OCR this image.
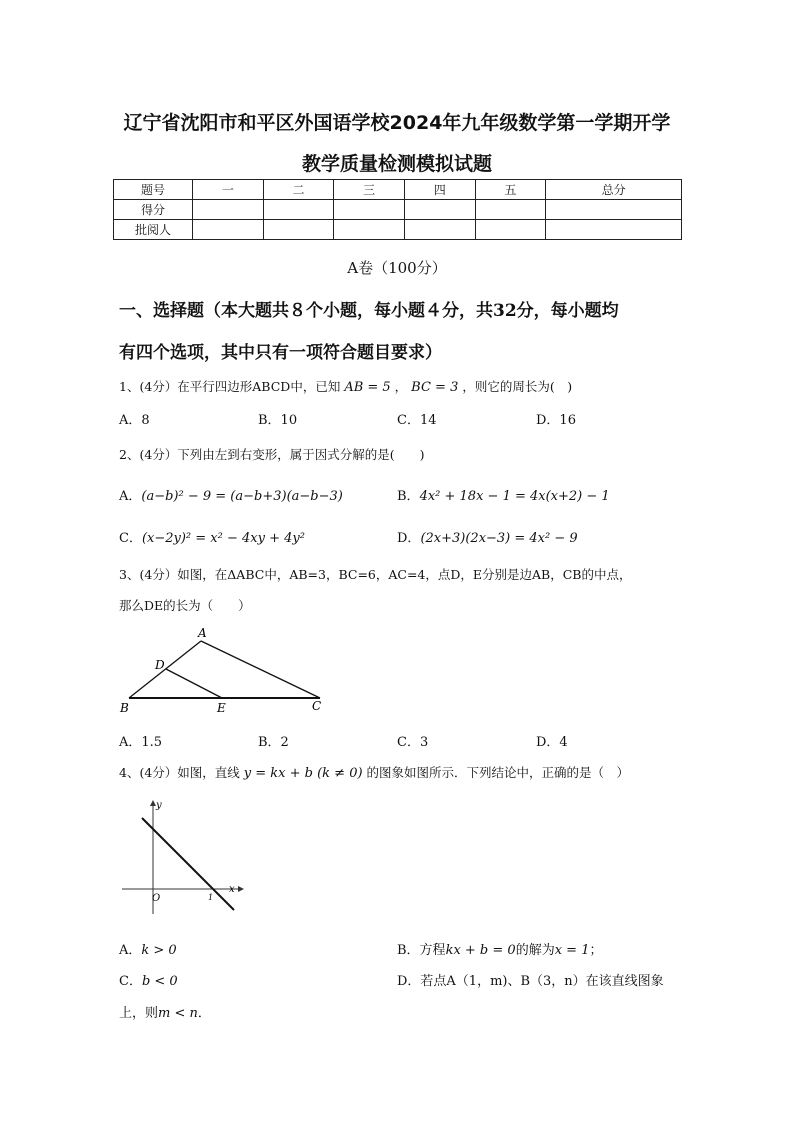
辽宁省沈阳市和平区外国语学校2024年九年级数学第一学期开学
教学质量检测模拟试题
题号	一	二	三	四	五	总分
得分						
批阅人						
A卷（100分）
一、选择题（本大题共８个小题，每小题４分，共32分，每小题均
有四个选项，其中只有一项符合题目要求）
1、(4分）在平行四边形ABCD中，已知 AB = 5 ， BC = 3 ，则它的周长为(　)
A．8	B．10	C．14	D．16
2、(4分）下列由左到右变形，属于因式分解的是(　　)
A．(a−b)² − 9 = (a−b+3)(a−b−3)	B．4x² + 18x − 1 = 4x(x+2) − 1
C．(x−2y)² = x² − 4xy + 4y²	D．(2x+3)(2x−3) = 4x² − 9
3、(4分）如图，在ΔABC中，AB=3，BC=6，AC=4，点D，E分别是边AB，CB的中点，
那么DE的长为（　　）
A
D
B	E	C
A．1.5	B．2	C．3	D．4
4、(4分）如图，直线 y = kx + b (k ≠ 0) 的图象如图所示．下列结论中，正确的是（　）
y
x
O	1
A．k > 0	B．方程kx + b = 0的解为x = 1；
C．b < 0	D．若点A（1，m)、B（3，n）在该直线图象
上，则m < n．
